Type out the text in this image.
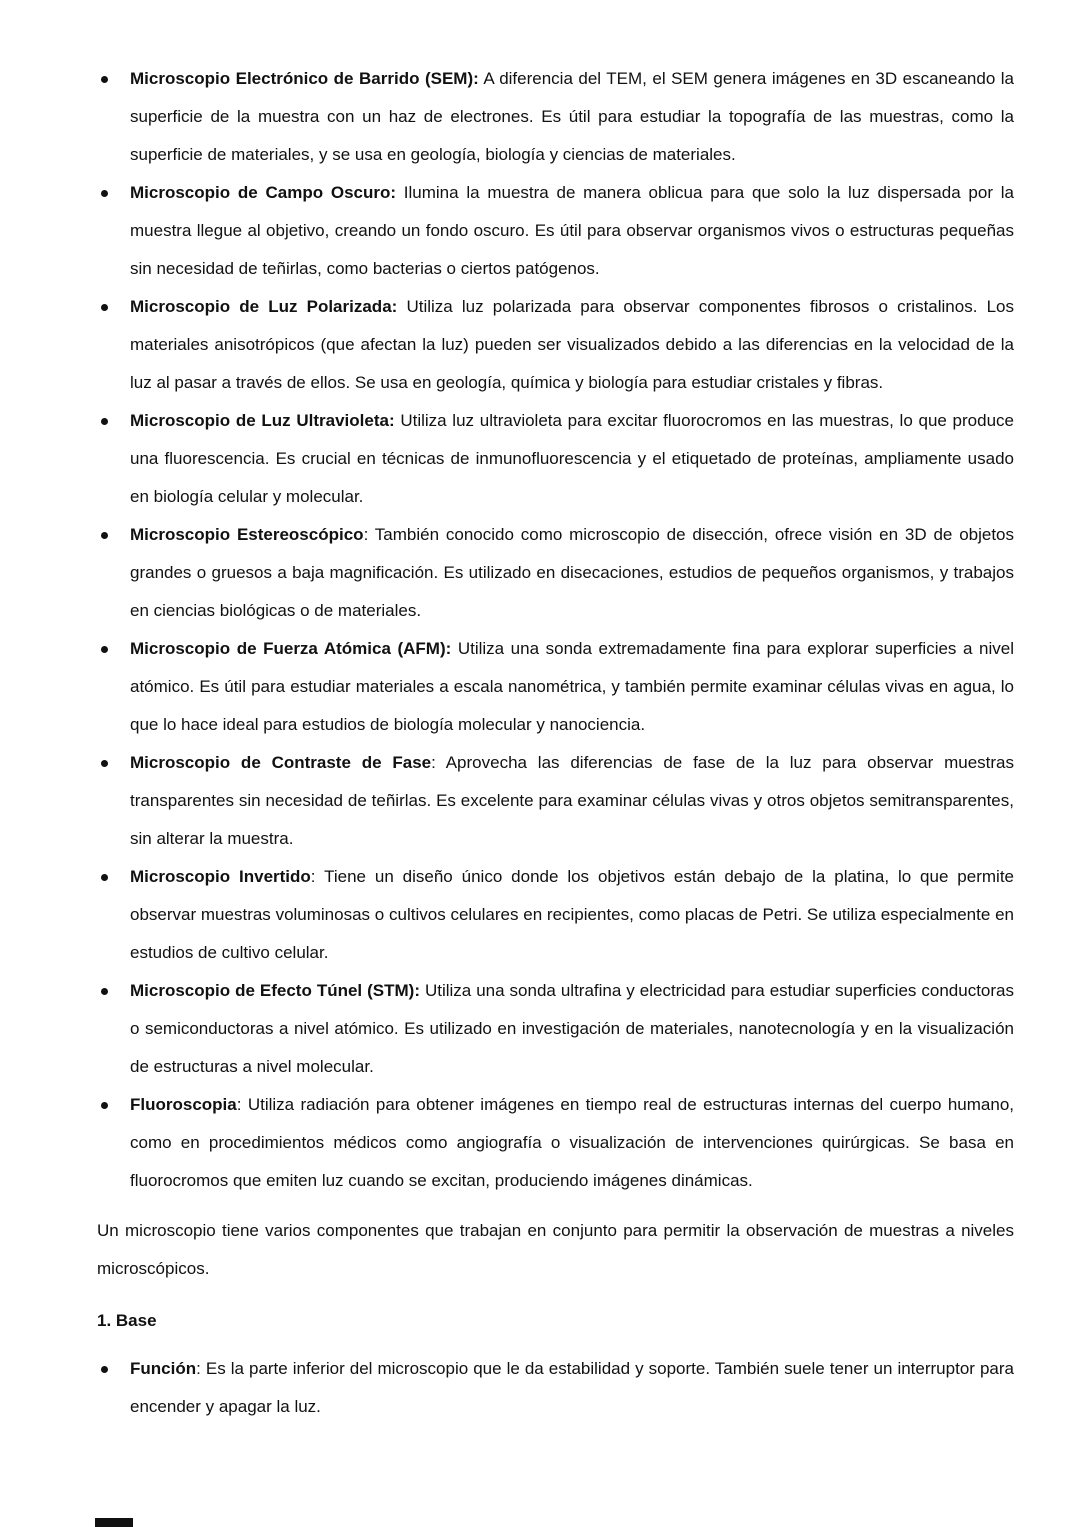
Microscopio Electrónico de Barrido (SEM): A diferencia del TEM, el SEM genera imágenes en 3D escaneando la superficie de la muestra con un haz de electrones. Es útil para estudiar la topografía de las muestras, como la superficie de materiales, y se usa en geología, biología y ciencias de materiales.
Microscopio de Campo Oscuro: Ilumina la muestra de manera oblicua para que solo la luz dispersada por la muestra llegue al objetivo, creando un fondo oscuro. Es útil para observar organismos vivos o estructuras pequeñas sin necesidad de teñirlas, como bacterias o ciertos patógenos.
Microscopio de Luz Polarizada: Utiliza luz polarizada para observar componentes fibrosos o cristalinos. Los materiales anisotrópicos (que afectan la luz) pueden ser visualizados debido a las diferencias en la velocidad de la luz al pasar a través de ellos. Se usa en geología, química y biología para estudiar cristales y fibras.
Microscopio de Luz Ultravioleta: Utiliza luz ultravioleta para excitar fluorocromos en las muestras, lo que produce una fluorescencia. Es crucial en técnicas de inmunofluorescencia y el etiquetado de proteínas, ampliamente usado en biología celular y molecular.
Microscopio Estereoscópico: También conocido como microscopio de disección, ofrece visión en 3D de objetos grandes o gruesos a baja magnificación. Es utilizado en disecaciones, estudios de pequeños organismos, y trabajos en ciencias biológicas o de materiales.
Microscopio de Fuerza Atómica (AFM): Utiliza una sonda extremadamente fina para explorar superficies a nivel atómico. Es útil para estudiar materiales a escala nanométrica, y también permite examinar células vivas en agua, lo que lo hace ideal para estudios de biología molecular y nanociencia.
Microscopio de Contraste de Fase: Aprovecha las diferencias de fase de la luz para observar muestras transparentes sin necesidad de teñirlas. Es excelente para examinar células vivas y otros objetos semitransparentes, sin alterar la muestra.
Microscopio Invertido: Tiene un diseño único donde los objetivos están debajo de la platina, lo que permite observar muestras voluminosas o cultivos celulares en recipientes, como placas de Petri. Se utiliza especialmente en estudios de cultivo celular.
Microscopio de Efecto Túnel (STM): Utiliza una sonda ultrafina y electricidad para estudiar superficies conductoras o semiconductoras a nivel atómico. Es utilizado en investigación de materiales, nanotecnología y en la visualización de estructuras a nivel molecular.
Fluoroscopia: Utiliza radiación para obtener imágenes en tiempo real de estructuras internas del cuerpo humano, como en procedimientos médicos como angiografía o visualización de intervenciones quirúrgicas. Se basa en fluorocromos que emiten luz cuando se excitan, produciendo imágenes dinámicas.

Un microscopio tiene varios componentes que trabajan en conjunto para permitir la observación de muestras a niveles microscópicos.

1. Base
Función: Es la parte inferior del microscopio que le da estabilidad y soporte. También suele tener un interruptor para encender y apagar la luz.
